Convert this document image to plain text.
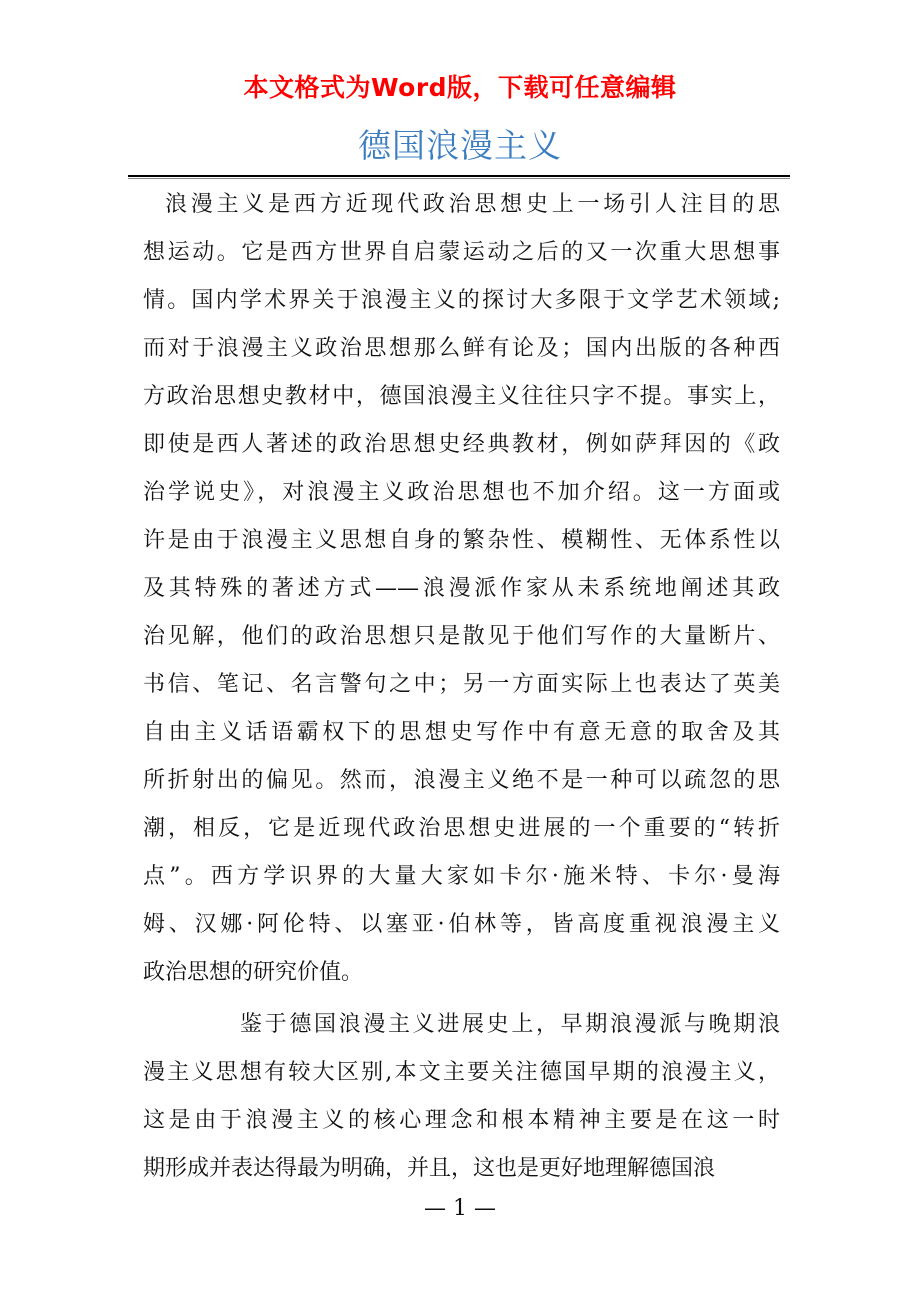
本文格式为Word版，下载可任意编辑
德国浪漫主义
浪漫主义是西方近现代政治思想史上一场引人注目的思
想运动。它是西方世界自启蒙运动之后的又一次重大思想事
情。国内学术界关于浪漫主义的探讨大多限于文学艺术领域;
而对于浪漫主义政治思想那么鲜有论及；国内出版的各种西
方政治思想史教材中，德国浪漫主义往往只字不提。事实上，
即使是西人著述的政治思想史经典教材，例如萨拜因的《政
治学说史》，对浪漫主义政治思想也不加介绍。这一方面或
许是由于浪漫主义思想自身的繁杂性、模糊性、无体系性以
及其特殊的著述方式——浪漫派作家从未系统地阐述其政
治见解，他们的政治思想只是散见于他们写作的大量断片、
书信、笔记、名言警句之中；另一方面实际上也表达了英美
自由主义话语霸权下的思想史写作中有意无意的取舍及其
所折射出的偏见。然而，浪漫主义绝不是一种可以疏忽的思
潮，相反，它是近现代政治思想史进展的一个重要的“转折
点”。西方学识界的大量大家如卡尔·施米特、卡尔·曼海
姆、汉娜·阿伦特、以塞亚·伯林等，皆高度重视浪漫主义
政治思想的研究价值。
鉴于德国浪漫主义进展史上，早期浪漫派与晚期浪
漫主义思想有较大区别,本文主要关注德国早期的浪漫主义，
这是由于浪漫主义的核心理念和根本精神主要是在这一时
期形成并表达得最为明确，并且，这也是更好地理解德国浪
— 1 —
